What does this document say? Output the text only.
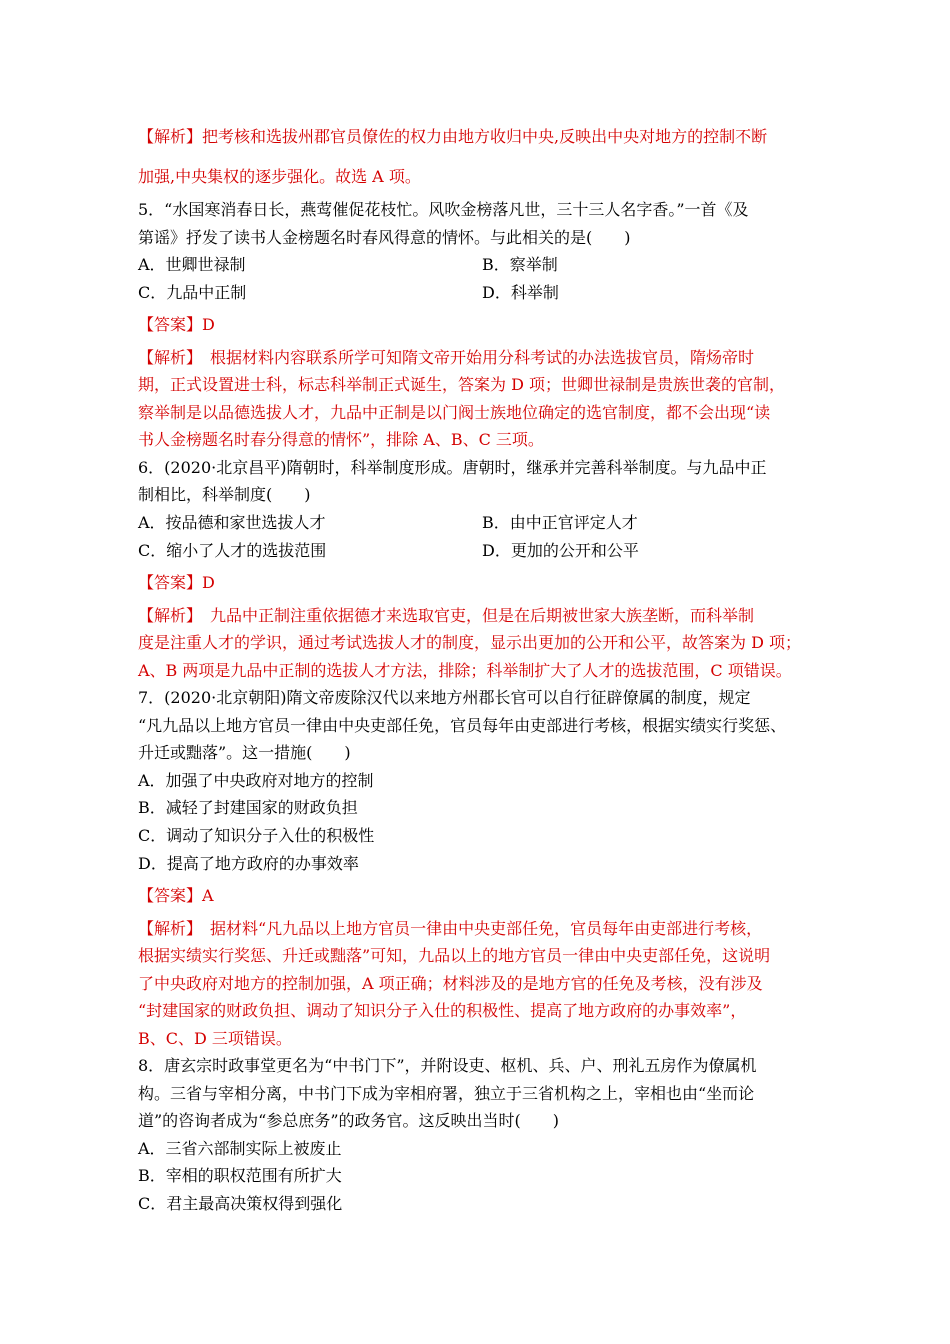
【解析】把考核和选拔州郡官员僚佐的权力由地方收归中央,反映出中央对地方的控制不断
加强,中央集权的逐步强化。故选 A 项。
5．“水国寒消春日长，燕莺催促花枝忙。风吹金榜落凡世，三十三人名字香。”一首《及
第谣》抒发了读书人金榜题名时春风得意的情怀。与此相关的是(　　)
A．世卿世禄制	B．察举制
C．九品中正制	D．科举制
【答案】D
【解析】　根据材料内容联系所学可知隋文帝开始用分科考试的办法选拔官员，隋炀帝时
期，正式设置进士科，标志科举制正式诞生，答案为 D 项；世卿世禄制是贵族世袭的官制，
察举制是以品德选拔人才，九品中正制是以门阀士族地位确定的选官制度，都不会出现“读
书人金榜题名时春分得意的情怀”，排除 A、B、C 三项。
6．(2020·北京昌平)隋朝时，科举制度形成。唐朝时，继承并完善科举制度。与九品中正
制相比，科举制度(　　)
A．按品德和家世选拔人才	B．由中正官评定人才
C．缩小了人才的选拔范围	D．更加的公开和公平
【答案】D
【解析】　九品中正制注重依据德才来选取官吏，但是在后期被世家大族垄断，而科举制
度是注重人才的学识，通过考试选拔人才的制度，显示出更加的公开和公平，故答案为 D 项；
A、B 两项是九品中正制的选拔人才方法，排除；科举制扩大了人才的选拔范围，C 项错误。
7．(2020·北京朝阳)隋文帝废除汉代以来地方州郡长官可以自行征辟僚属的制度，规定
“凡九品以上地方官员一律由中央吏部任免，官员每年由吏部进行考核，根据实绩实行奖惩、
升迁或黜落”。这一措施(　　)
A．加强了中央政府对地方的控制
B．减轻了封建国家的财政负担
C．调动了知识分子入仕的积极性
D．提高了地方政府的办事效率
【答案】A
【解析】　据材料“凡九品以上地方官员一律由中央吏部任免，官员每年由吏部进行考核，
根据实绩实行奖惩、升迁或黜落”可知，九品以上的地方官员一律由中央吏部任免，这说明
了中央政府对地方的控制加强，A 项正确；材料涉及的是地方官的任免及考核，没有涉及
“封建国家的财政负担、调动了知识分子入仕的积极性、提高了地方政府的办事效率”，
B、C、D 三项错误。
8．唐玄宗时政事堂更名为“中书门下”，并附设吏、枢机、兵、户、刑礼五房作为僚属机
构。三省与宰相分离，中书门下成为宰相府署，独立于三省机构之上，宰相也由“坐而论
道”的咨询者成为“参总庶务”的政务官。这反映出当时(　　)
A．三省六部制实际上被废止
B．宰相的职权范围有所扩大
C．君主最高决策权得到强化
